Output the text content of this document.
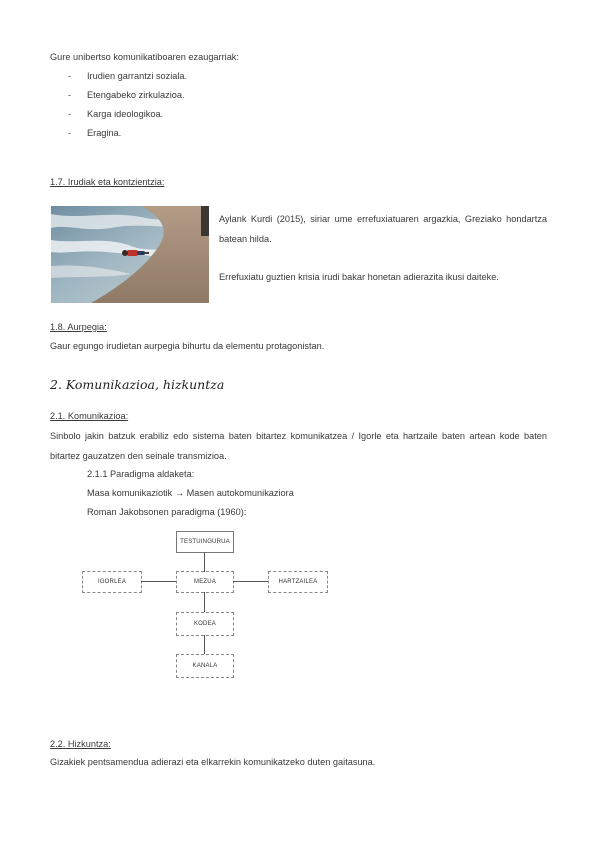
Gure unibertso komunikatiboaren ezaugarriak:
- Irudien garrantzi soziala.
- Etengabeko zirkulazioa.
- Karga ideologikoa.
- Eragina.
1.7. Irudiak eta kontzientzia:
Aylank Kurdi (2015), siriar ume errefuxiatuaren argazkia, Greziako hondartza batean hilda.
Errefuxiatu guztien krisia irudi bakar honetan adierazita ikusi daiteke.
1.8. Aurpegia:
Gaur egungo irudietan aurpegia bihurtu da elementu protagonistan.
2. Komunikazioa, hizkuntza
2.1. Komunikazioa:
Sinbolo jakin batzuk erabiliz edo sistema baten bitartez komunikatzea / Igorle eta hartzaile baten artean kode baten bitartez gauzatzen den seinale transmizioa.
2.1.1 Paradigma aldaketa:
Masa komunikaziotik → Masen autokomunikaziora
Roman Jakobsonen paradigma (1960):
TESTUINGURUA
IGORLEA	MEZUA	HARTZAILEA
KODEA
KANALA
2.2. Hizkuntza:
Gizakiek pentsamendua adierazi eta elkarrekin komunikatzeko duten gaitasuna.
